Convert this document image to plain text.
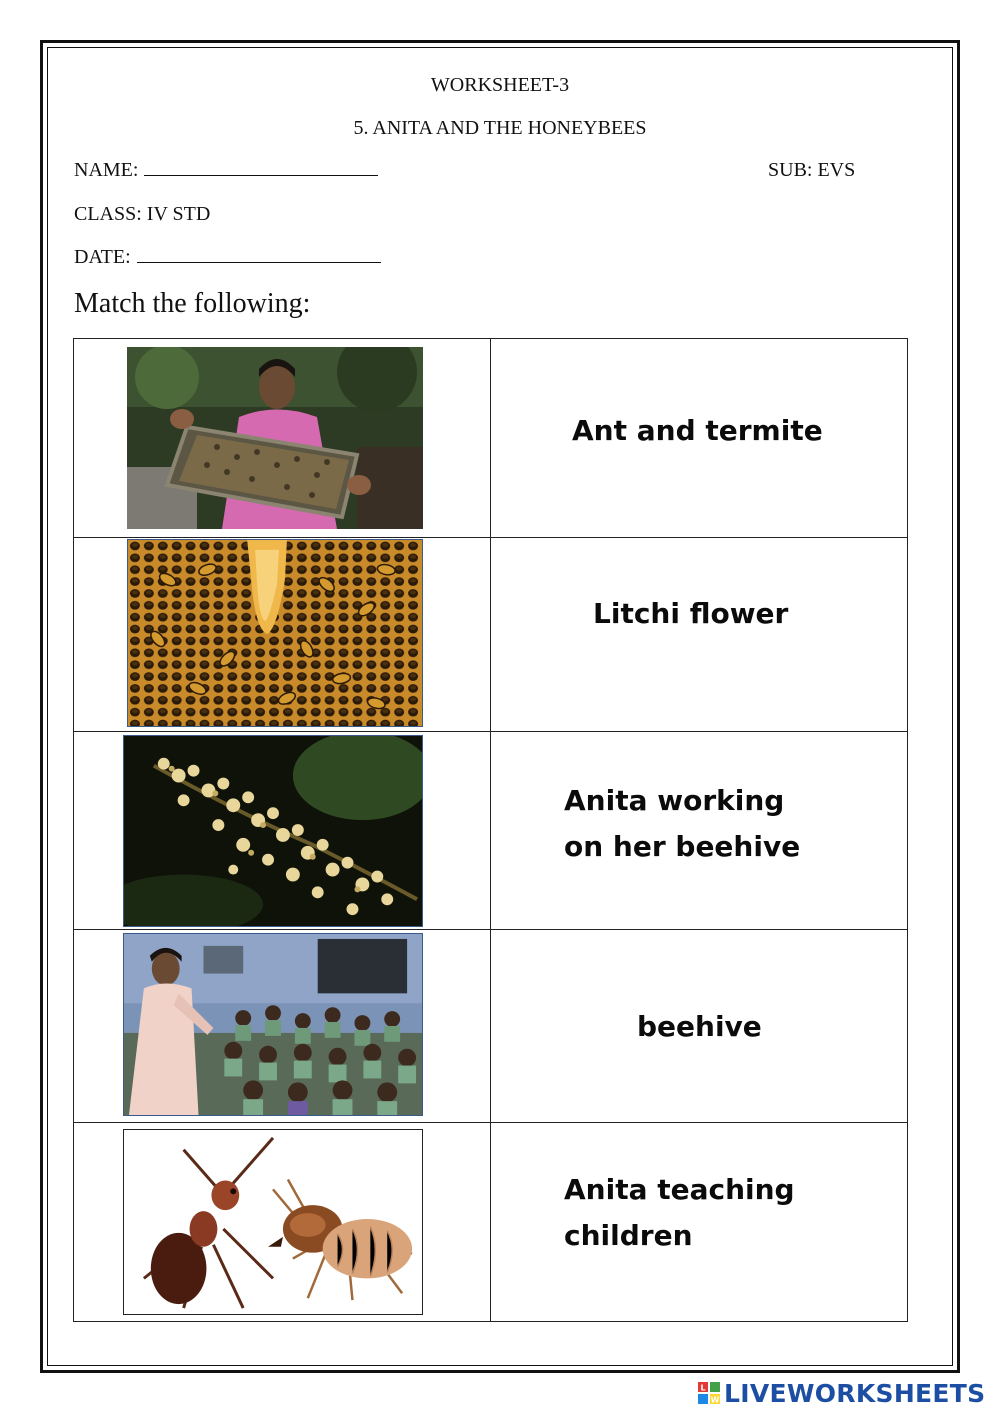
WORKSHEET-3
5. ANITA AND THE HONEYBEES
NAME:	SUB: EVS
CLASS: IV STD
DATE:
Match the following:
Ant and termite
Litchi flower
Anita working
on her beehive
beehive
Anita teaching
children
L
W LIVEWORKSHEETS
